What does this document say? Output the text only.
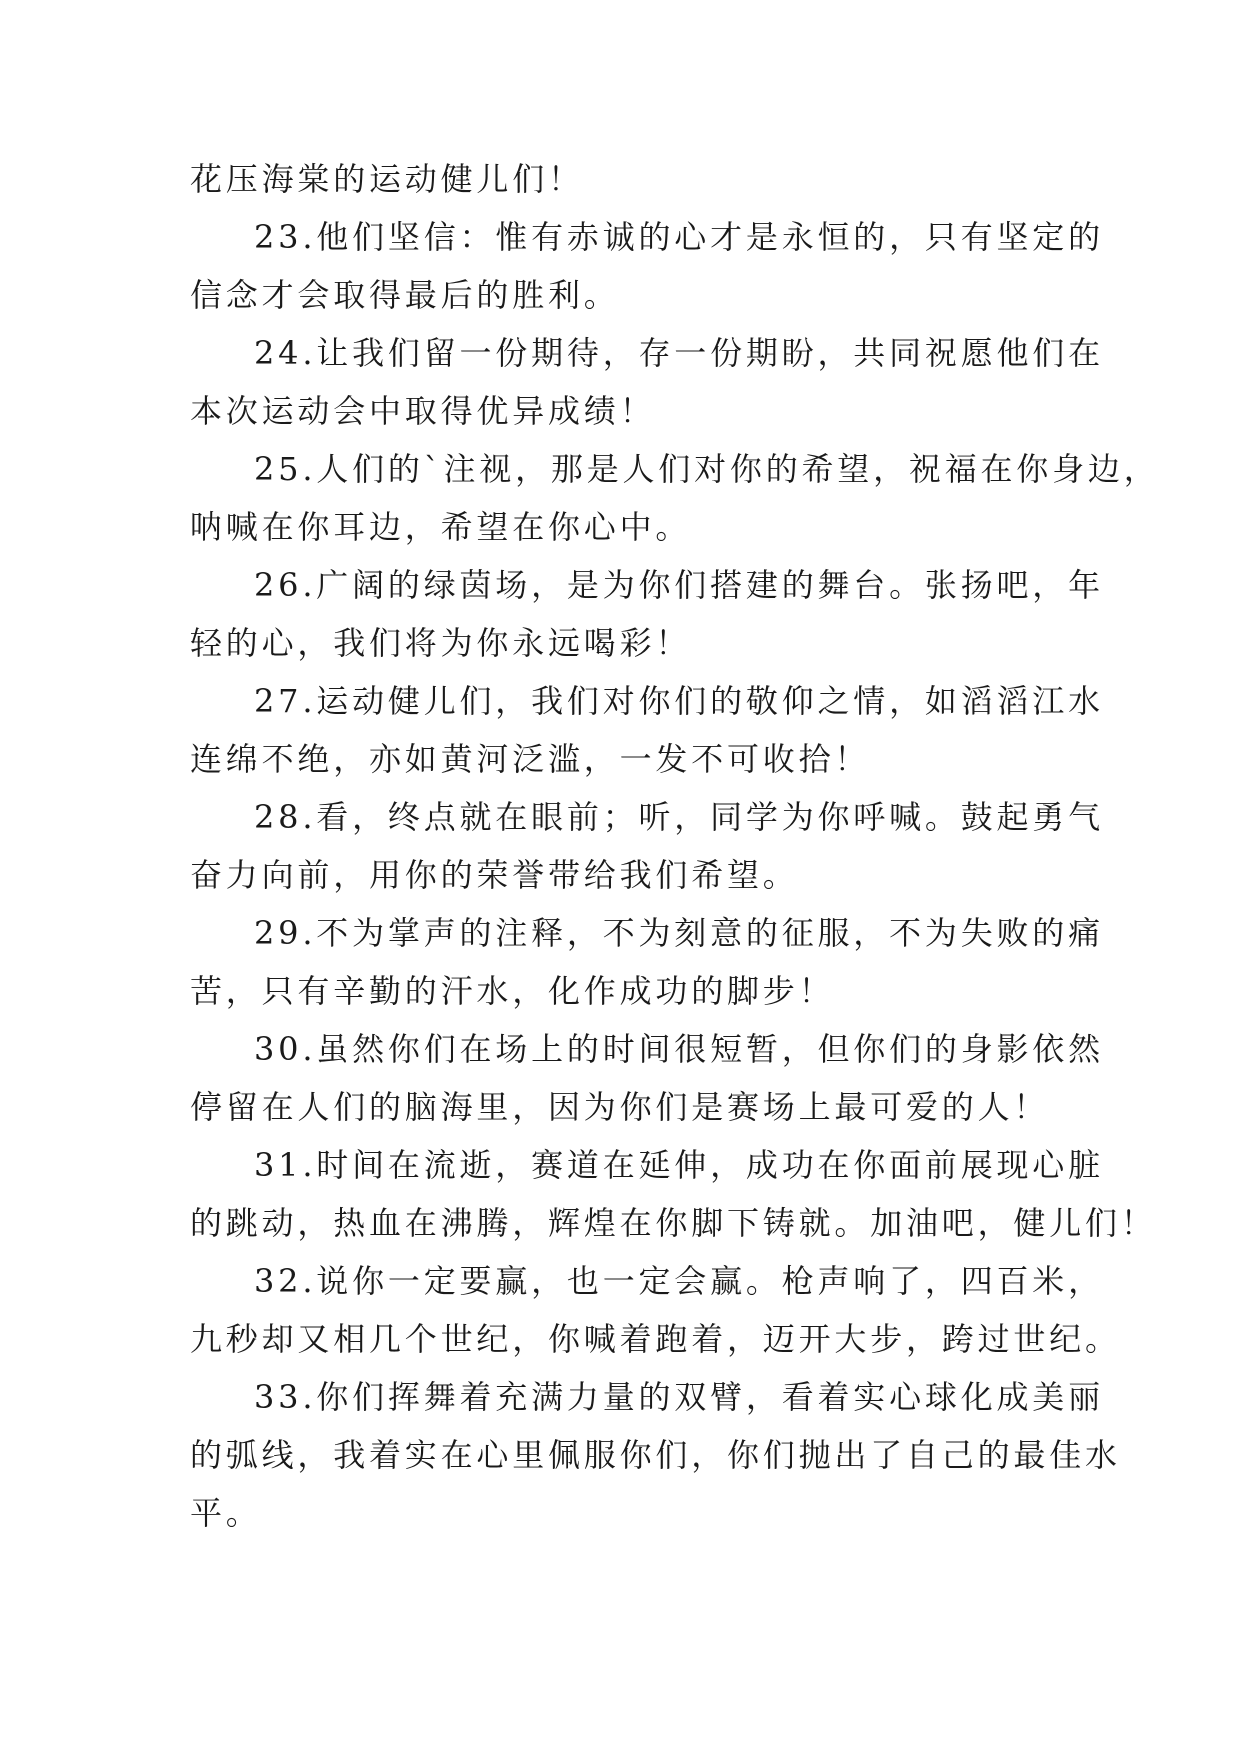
花压海棠的运动健儿们！
23.他们坚信：惟有赤诚的心才是永恒的，只有坚定的
信念才会取得最后的胜利。
24.让我们留一份期待，存一份期盼，共同祝愿他们在
本次运动会中取得优异成绩！
25.人们的`注视，那是人们对你的希望，祝福在你身边，
呐喊在你耳边，希望在你心中。
26.广阔的绿茵场，是为你们搭建的舞台。张扬吧，年
轻的心，我们将为你永远喝彩！
27.运动健儿们，我们对你们的敬仰之情，如滔滔江水
连绵不绝，亦如黄河泛滥，一发不可收拾！
28.看，终点就在眼前；听，同学为你呼喊。鼓起勇气
奋力向前，用你的荣誉带给我们希望。
29.不为掌声的注释，不为刻意的征服，不为失败的痛
苦，只有辛勤的汗水，化作成功的脚步！
30.虽然你们在场上的时间很短暂，但你们的身影依然
停留在人们的脑海里，因为你们是赛场上最可爱的人！
31.时间在流逝，赛道在延伸，成功在你面前展现心脏
的跳动，热血在沸腾，辉煌在你脚下铸就。加油吧，健儿们！
32.说你一定要赢，也一定会赢。枪声响了，四百米，
九秒却又相几个世纪，你喊着跑着，迈开大步，跨过世纪。
33.你们挥舞着充满力量的双臂，看着实心球化成美丽
的弧线，我着实在心里佩服你们，你们抛出了自己的最佳水
平。
